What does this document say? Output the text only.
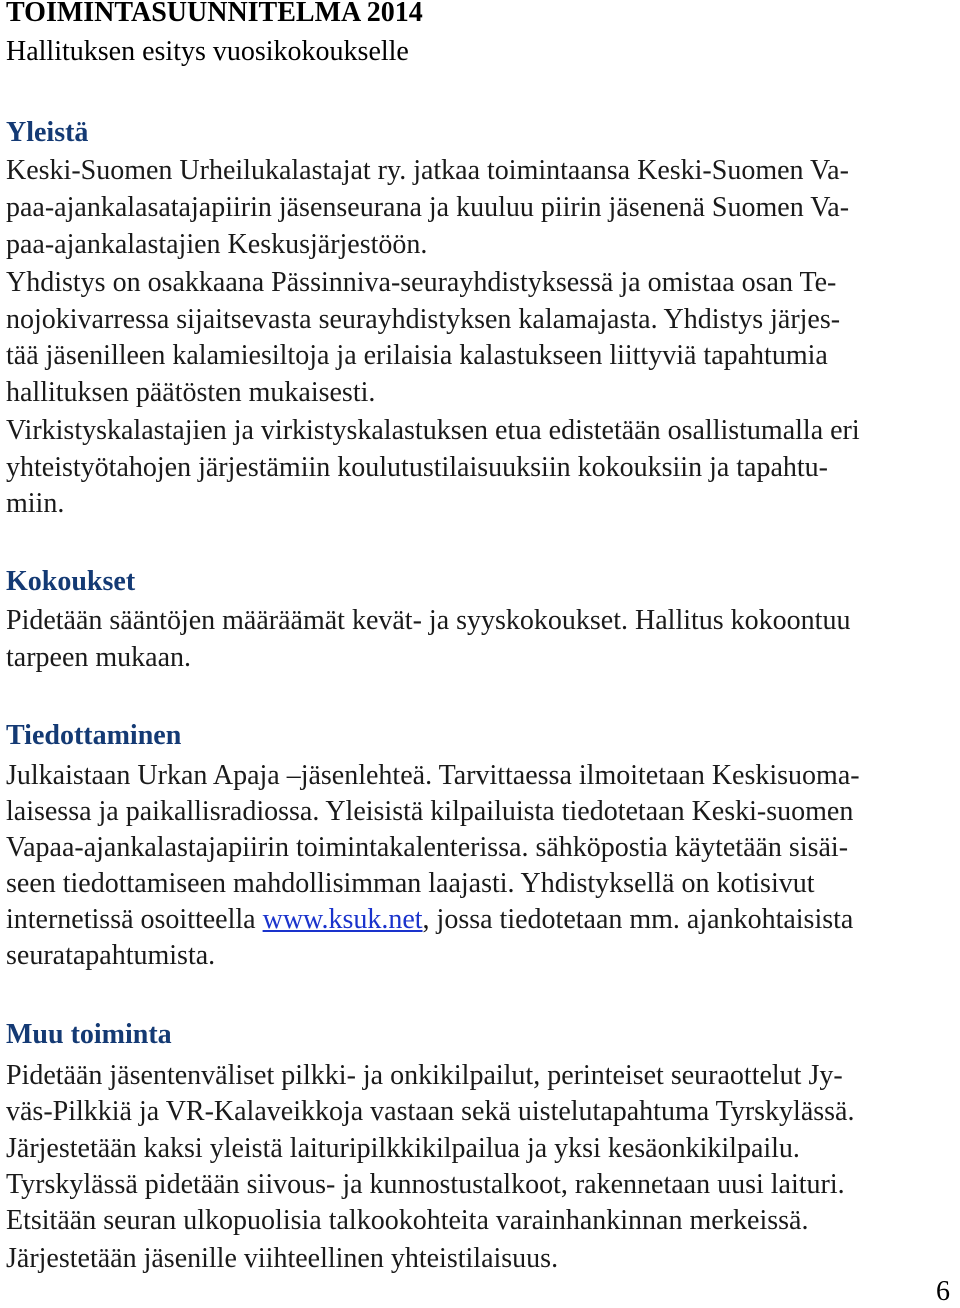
TOIMINTASUUNNITELMA 2014
Hallituksen esitys vuosikokoukselle
Yleistä
Keski-Suomen Urheilukalastajat ry. jatkaa toimintaansa Keski-Suomen Va-
paa-ajankalasatajapiirin jäsenseurana ja kuuluu piirin jäsenenä Suomen Va-
paa-ajankalastajien Keskusjärjestöön.
Yhdistys on osakkaana Pässinniva-seurayhdistyksessä ja omistaa osan Te-
nojokivarressa sijaitsevasta seurayhdistyksen kalamajasta. Yhdistys järjes-
tää jäsenilleen kalamiesiltoja ja erilaisia kalastukseen liittyviä tapahtumia
hallituksen päätösten mukaisesti.
Virkistyskalastajien ja virkistyskalastuksen etua edistetään osallistumalla eri
yhteistyötahojen järjestämiin koulutustilaisuuksiin kokouksiin ja tapahtu-
miin.
Kokoukset
Pidetään sääntöjen määräämät kevät- ja syyskokoukset. Hallitus kokoontuu
tarpeen mukaan.
Tiedottaminen
Julkaistaan Urkan Apaja –jäsenlehteä. Tarvittaessa ilmoitetaan Keskisuoma-
laisessa ja paikallisradiossa. Yleisistä kilpailuista tiedotetaan Keski-suomen
Vapaa-ajankalastajapiirin toimintakalenterissa. sähköpostia käytetään sisäi-
seen tiedottamiseen mahdollisimman laajasti. Yhdistyksellä on kotisivut
internetissä osoitteella www.ksuk.net, jossa tiedotetaan mm. ajankohtaisista
seuratapahtumista.
Muu toiminta
Pidetään jäsentenväliset pilkki- ja onkikilpailut, perinteiset seuraottelut Jy-
väs-Pilkkiä ja VR-Kalaveikkoja vastaan sekä uistelutapahtuma Tyrskylässä.
Järjestetään kaksi yleistä laituripilkkikilpailua ja yksi kesäonkikilpailu.
Tyrskylässä pidetään siivous- ja kunnostustalkoot, rakennetaan uusi laituri.
Etsitään seuran ulkopuolisia talkookohteita varainhankinnan merkeissä.
Järjestetään jäsenille viihteellinen yhteistilaisuus.
6
